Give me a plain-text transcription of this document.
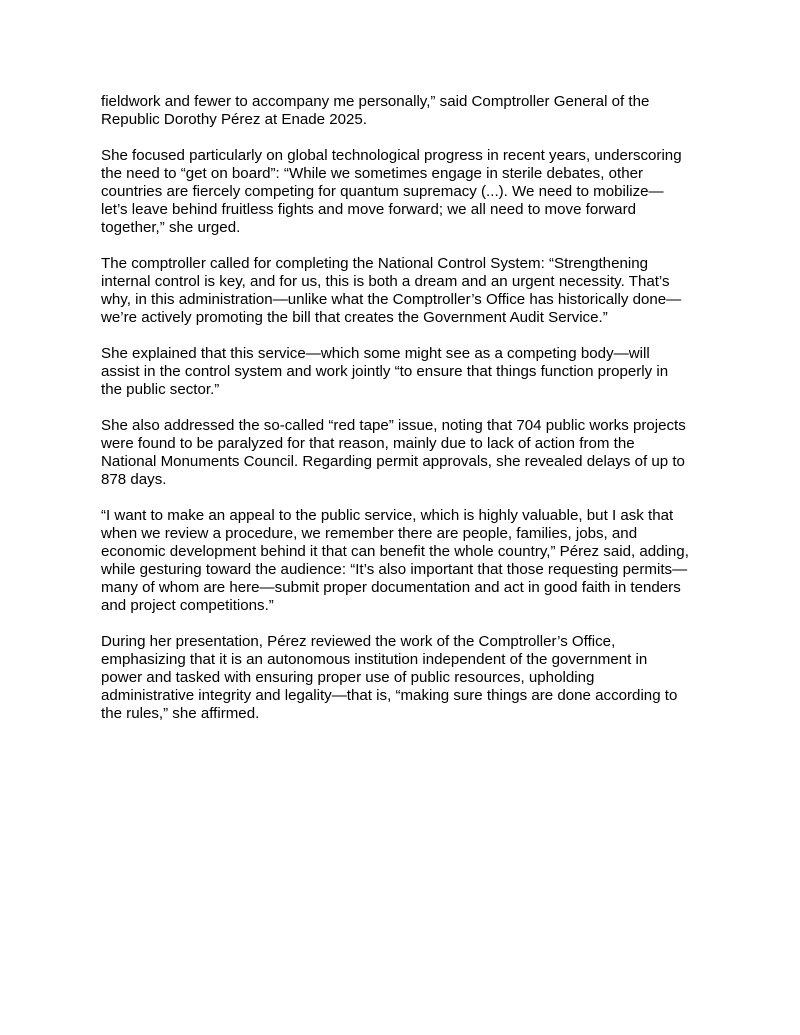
fieldwork and fewer to accompany me personally,” said Comptroller General of the
Republic Dorothy Pérez at Enade 2025.

She focused particularly on global technological progress in recent years, underscoring
the need to “get on board”: “While we sometimes engage in sterile debates, other
countries are fiercely competing for quantum supremacy (...). We need to mobilize—
let’s leave behind fruitless fights and move forward; we all need to move forward
together,” she urged.

The comptroller called for completing the National Control System: “Strengthening
internal control is key, and for us, this is both a dream and an urgent necessity. That’s
why, in this administration—unlike what the Comptroller’s Office has historically done—
we’re actively promoting the bill that creates the Government Audit Service.”

She explained that this service—which some might see as a competing body—will
assist in the control system and work jointly “to ensure that things function properly in
the public sector.”

She also addressed the so-called “red tape” issue, noting that 704 public works projects
were found to be paralyzed for that reason, mainly due to lack of action from the
National Monuments Council. Regarding permit approvals, she revealed delays of up to
878 days.

“I want to make an appeal to the public service, which is highly valuable, but I ask that
when we review a procedure, we remember there are people, families, jobs, and
economic development behind it that can benefit the whole country,” Pérez said, adding,
while gesturing toward the audience: “It’s also important that those requesting permits—
many of whom are here—submit proper documentation and act in good faith in tenders
and project competitions.”

During her presentation, Pérez reviewed the work of the Comptroller’s Office,
emphasizing that it is an autonomous institution independent of the government in
power and tasked with ensuring proper use of public resources, upholding
administrative integrity and legality—that is, “making sure things are done according to
the rules,” she affirmed.
